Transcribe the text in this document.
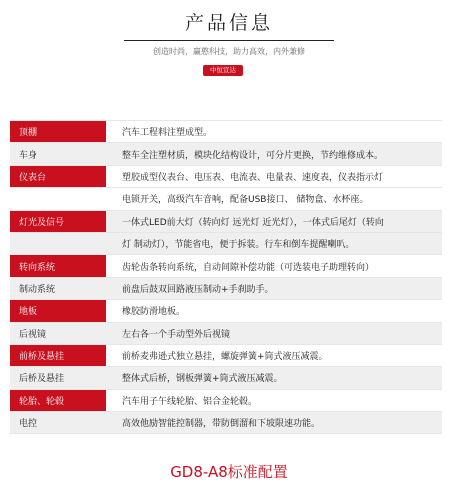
产品信息
创造时尚，赢憨科技，助力高效，内外兼修
中恒宣达
顶棚	汽车工程料注塑成型。
车身	整车全注塑材质，模块化结构设计，可分片更换，节约维修成本。
仪表台	塑胶成型仪表台、电压表、电流表、电量表、速度表，仪表指示灯
电锁开关，高级汽车音响，配备USB接口、 储物盒、水杯座。
灯光及信号	一体式LED前大灯（转向灯 远光灯 近光灯），一体式后尾灯（转向
灯 制动灯），节能省电，便于拆装。行车和倒车提醒喇叭。
转向系统	齿轮齿条转向系统，自动间隙补偿功能（可选装电子助理转向）
制动系统	前盘后鼓双回路液压制动+手刹助手。
地板	橡胶防滑地板。
后视镜	左右各一个手动型外后视镜
前桥及悬挂	前桥麦弗逊式独立悬挂，螺旋弹簧+筒式液压减震。
后桥及悬挂	整体式后桥，钢板弹簧+筒式液压减震。
轮胎、轮毂	汽车用子午线轮胎、铝合金轮毂。
电控	高效他励智能控制器，带防倒溜和下坡限速功能。
GD8-A8标准配置
